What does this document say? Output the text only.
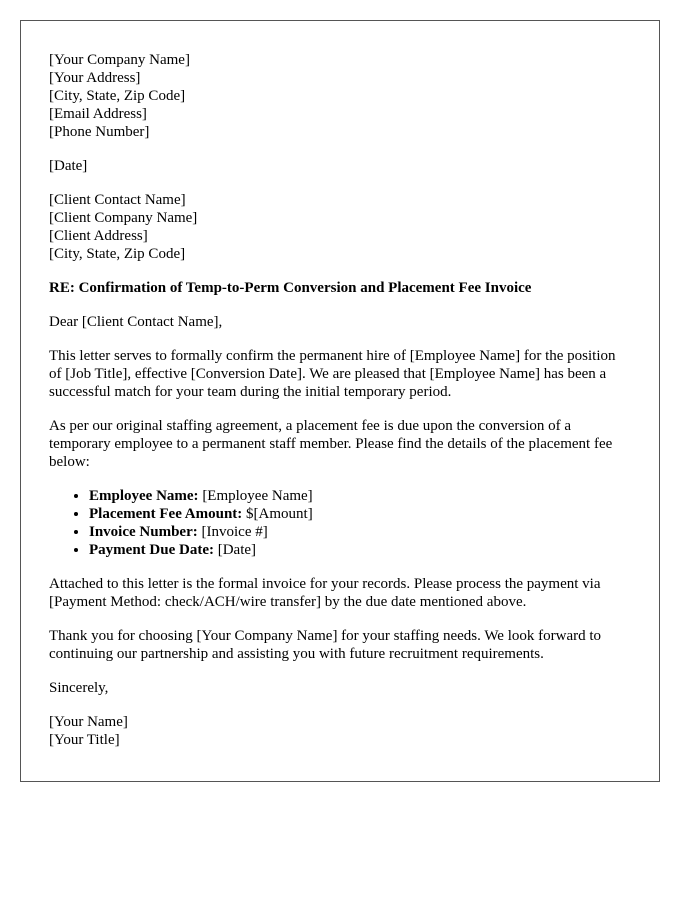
[Your Company Name]

[Your Address]

[City, State, Zip Code]

[Email Address]

[Phone Number]

[Date]

[Client Contact Name]

[Client Company Name]

[Client Address]

[City, State, Zip Code]

RE: Confirmation of Temp-to-Perm Conversion and Placement Fee Invoice

Dear [Client Contact Name],

This letter serves to formally confirm the permanent hire of [Employee Name] for the position of [Job Title], effective [Conversion Date]. We are pleased that [Employee Name] has been a successful match for your team during the initial temporary period.

As per our original staffing agreement, a placement fee is due upon the conversion of a temporary employee to a permanent staff member. Please find the details of the placement fee below:

• Employee Name: [Employee Name]
• Placement Fee Amount: $[Amount]
• Invoice Number: [Invoice #]
• Payment Due Date: [Date]

Attached to this letter is the formal invoice for your records. Please process the payment via [Payment Method: check/ACH/wire transfer] by the due date mentioned above.

Thank you for choosing [Your Company Name] for your staffing needs. We look forward to continuing our partnership and assisting you with future recruitment requirements.

Sincerely,

[Your Name]

[Your Title]
